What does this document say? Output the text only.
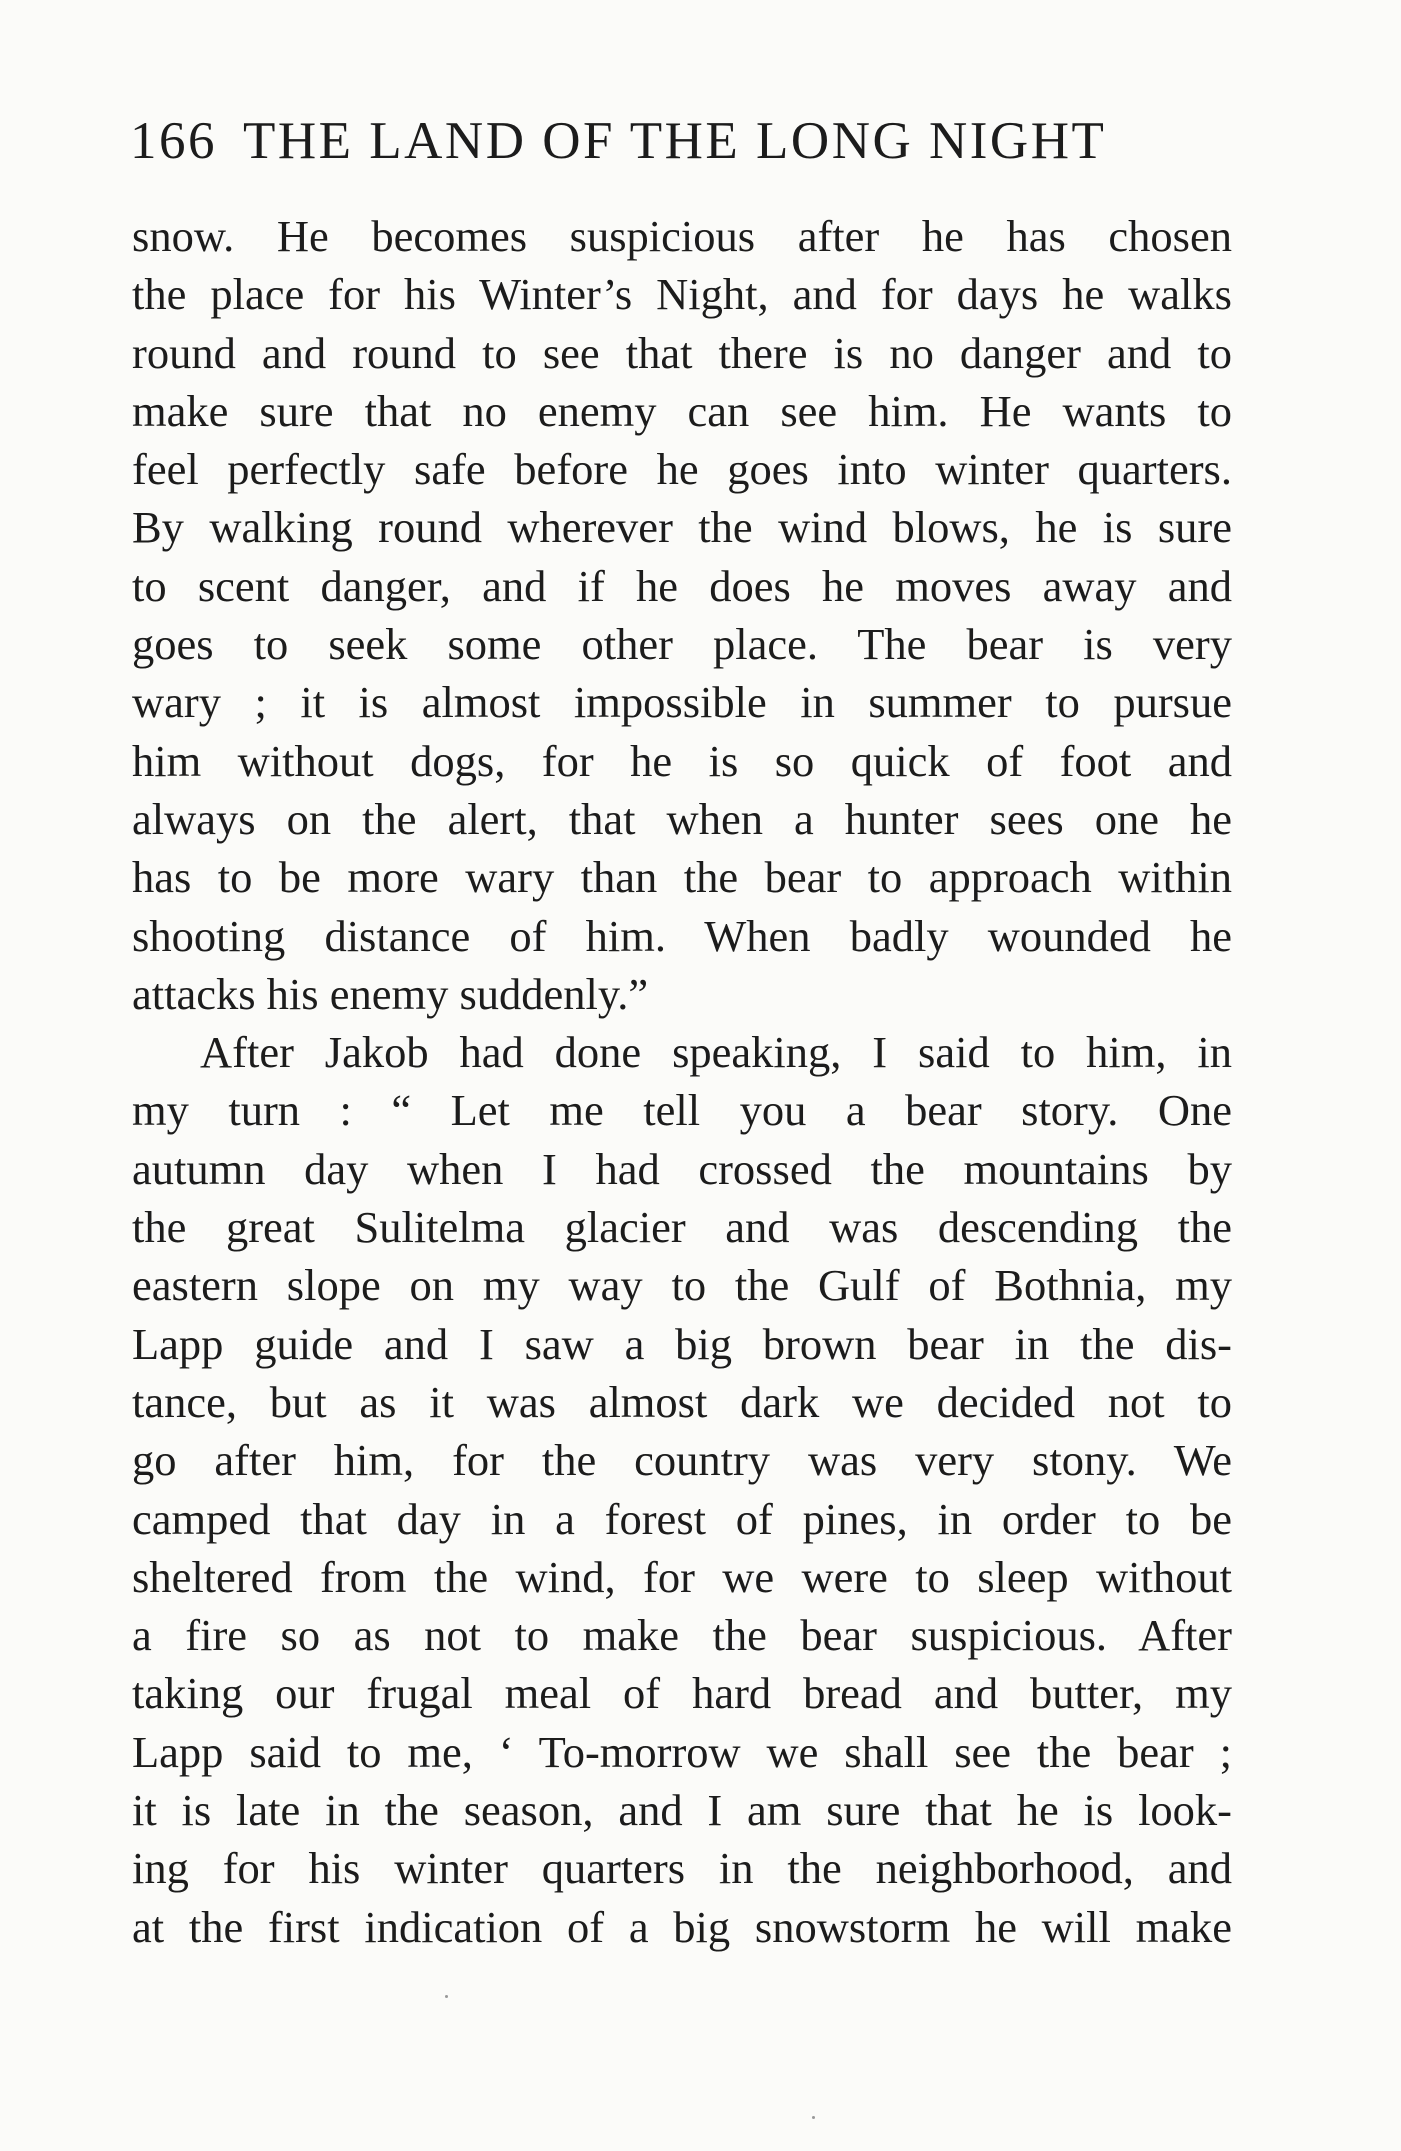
166 THE LAND OF THE LONG NIGHT
snow. He becomes suspicious after he has chosen
the place for his Winter’s Night, and for days he walks
round and round to see that there is no danger and to
make sure that no enemy can see him. He wants to
feel perfectly safe before he goes into winter quarters.
By walking round wherever the wind blows, he is sure
to scent danger, and if he does he moves away and
goes to seek some other place. The bear is very
wary ; it is almost impossible in summer to pursue
him without dogs, for he is so quick of foot and
always on the alert, that when a hunter sees one he
has to be more wary than the bear to approach within
shooting distance of him. When badly wounded he
attacks his enemy suddenly.”
After Jakob had done speaking, I said to him, in
my turn : “ Let me tell you a bear story. One
autumn day when I had crossed the mountains by
the great Sulitelma glacier and was descending the
eastern slope on my way to the Gulf of Bothnia, my
Lapp guide and I saw a big brown bear in the dis-
tance, but as it was almost dark we decided not to
go after him, for the country was very stony. We
camped that day in a forest of pines, in order to be
sheltered from the wind, for we were to sleep without
a fire so as not to make the bear suspicious. After
taking our frugal meal of hard bread and butter, my
Lapp said to me, ‘ To-morrow we shall see the bear ;
it is late in the season, and I am sure that he is look-
ing for his winter quarters in the neighborhood, and
at the first indication of a big snowstorm he will make
